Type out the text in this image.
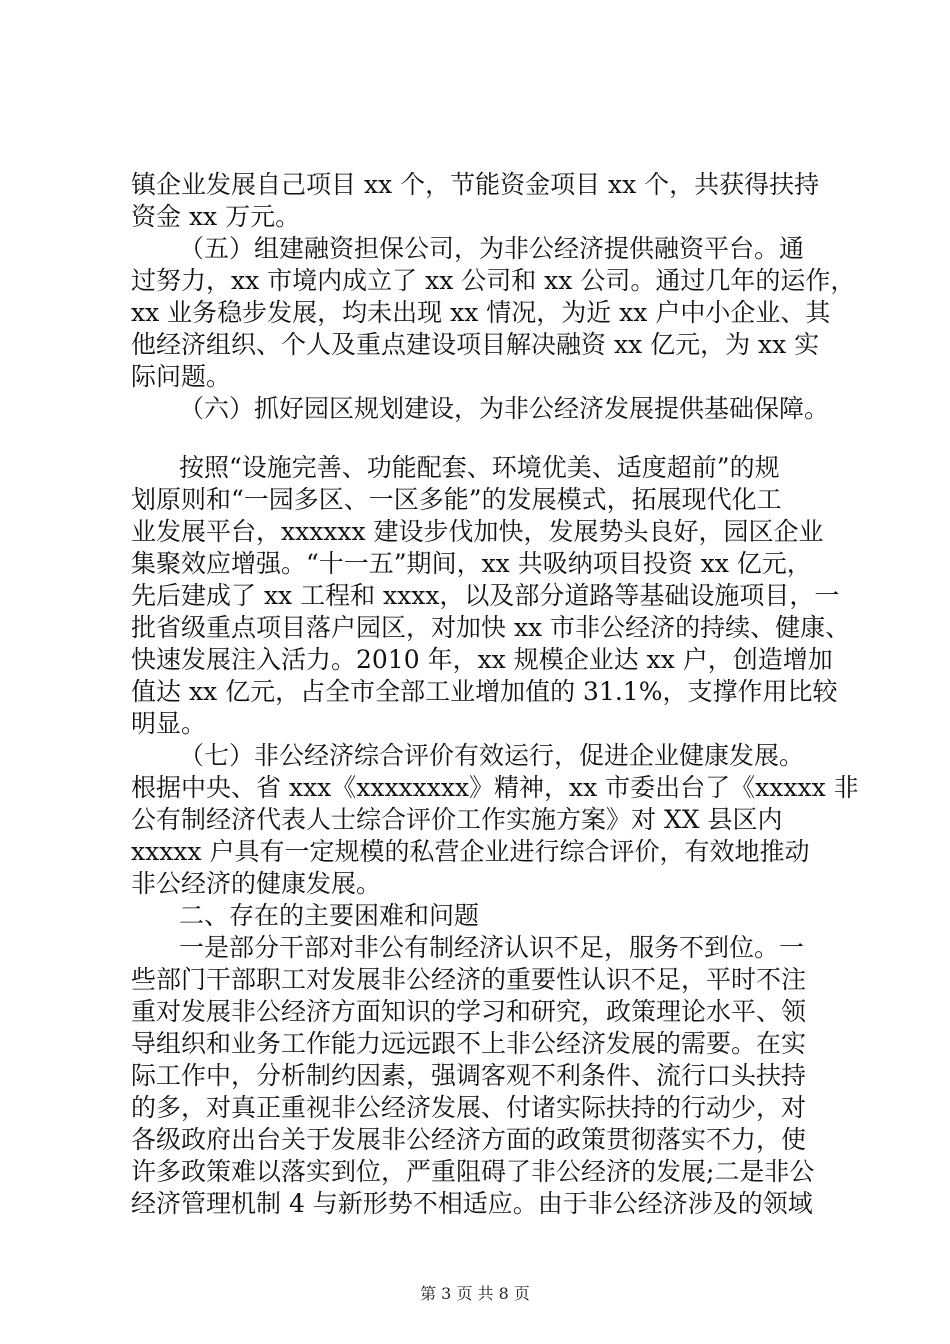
镇企业发展自己项目 xx 个，节能资金项目 xx 个，共获得扶持
资金 xx 万元。
（五）组建融资担保公司，为非公经济提供融资平台。通
过努力，xx 市境内成立了 xx 公司和 xx 公司。通过几年的运作，
xx 业务稳步发展，均未出现 xx 情况，为近 xx 户中小企业、其
他经济组织、个人及重点建设项目解决融资 xx 亿元，为 xx 实
际问题。
（六）抓好园区规划建设，为非公经济发展提供基础保障。
按照“设施完善、功能配套、环境优美、适度超前”的规
划原则和“一园多区、一区多能”的发展模式，拓展现代化工
业发展平台，xxxxxx 建设步伐加快，发展势头良好，园区企业
集聚效应增强。“十一五”期间，xx 共吸纳项目投资 xx 亿元，
先后建成了 xx 工程和 xxxx，以及部分道路等基础设施项目，一
批省级重点项目落户园区，对加快 xx 市非公经济的持续、健康、
快速发展注入活力。2010 年，xx 规模企业达 xx 户，创造增加
值达 xx 亿元，占全市全部工业增加值的 31.1%，支撑作用比较
明显。
（七）非公经济综合评价有效运行，促进企业健康发展。
根据中央、省 xxx《xxxxxxxx》精神，xx 市委出台了《xxxxx 非
公有制经济代表人士综合评价工作实施方案》对 XX 县区内
xxxxx 户具有一定规模的私营企业进行综合评价，有效地推动
非公经济的健康发展。
二、存在的主要困难和问题
一是部分干部对非公有制经济认识不足，服务不到位。一
些部门干部职工对发展非公经济的重要性认识不足，平时不注
重对发展非公经济方面知识的学习和研究，政策理论水平、领
导组织和业务工作能力远远跟不上非公经济发展的需要。在实
际工作中，分析制约因素，强调客观不利条件、流行口头扶持
的多，对真正重视非公经济发展、付诸实际扶持的行动少，对
各级政府出台关于发展非公经济方面的政策贯彻落实不力，使
许多政策难以落实到位，严重阻碍了非公经济的发展;二是非公
经济管理机制 4 与新形势不相适应。由于非公经济涉及的领域
第 3 页 共 8 页
